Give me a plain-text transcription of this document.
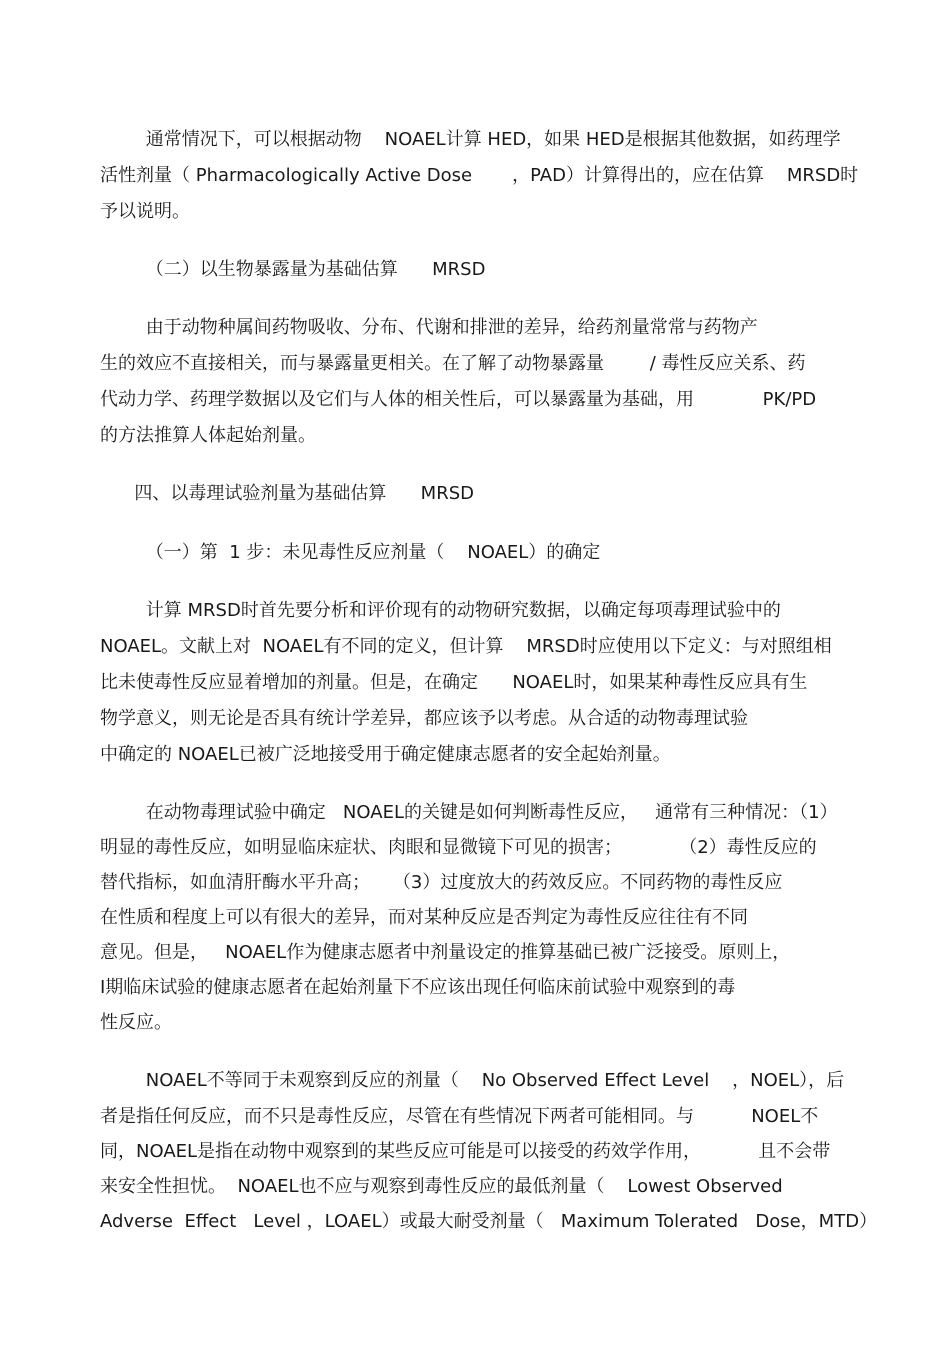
通常情况下，可以根据动物    NOAEL计算 HED，如果 HED是根据其他数据，如药理学

活性剂量（ Pharmacologically Active Dose       ，PAD）计算得出的，应在估算    MRSD时

予以说明。

（二）以生物暴露量为基础估算      MRSD

由于动物种属间药物吸收、分布、代谢和排泄的差异，给药剂量常常与药物产

生的效应不直接相关，而与暴露量更相关。在了解了动物暴露量        / 毒性反应关系、药

代动力学、药理学数据以及它们与人体的相关性后，可以暴露量为基础，用            PK/PD

的方法推算人体起始剂量。

四、以毒理试验剂量为基础估算      MRSD

（一）第  1 步：未见毒性反应剂量（    NOAEL）的确定

计算 MRSD时首先要分析和评价现有的动物研究数据，以确定每项毒理试验中的

NOAEL。文献上对  NOAEL有不同的定义，但计算    MRSD时应使用以下定义：与对照组相

比未使毒性反应显着增加的剂量。但是，在确定      NOAEL时，如果某种毒性反应具有生

物学意义，则无论是否具有统计学差异，都应该予以考虑。从合适的动物毒理试验

中确定的 NOAEL已被广泛地接受用于确定健康志愿者的安全起始剂量。

在动物毒理试验中确定   NOAEL的关键是如何判断毒性反应，   通常有三种情况：（1）

明显的毒性反应，如明显临床症状、肉眼和显微镜下可见的损害；          （2）毒性反应的

替代指标，如血清肝酶水平升高；    （3）过度放大的药效反应。不同药物的毒性反应

在性质和程度上可以有很大的差异，而对某种反应是否判定为毒性反应往往有不同

意见。但是，   NOAEL作为健康志愿者中剂量设定的推算基础已被广泛接受。原则上，

Ⅰ期临床试验的健康志愿者在起始剂量下不应该出现任何临床前试验中观察到的毒

性反应。

NOAEL不等同于未观察到反应的剂量（    No Observed Effect Level    ，NOEL），后

者是指任何反应，而不只是毒性反应，尽管在有些情况下两者可能相同。与          NOEL不

同，NOAEL是指在动物中观察到的某些反应可能是可以接受的药效学作用，          且不会带

来安全性担忧。  NOAEL也不应与观察到毒性反应的最低剂量（    Lowest Observed

Adverse  Effect   Level ，LOAEL）或最大耐受剂量（   Maximum Tolerated   Dose，MTD）
